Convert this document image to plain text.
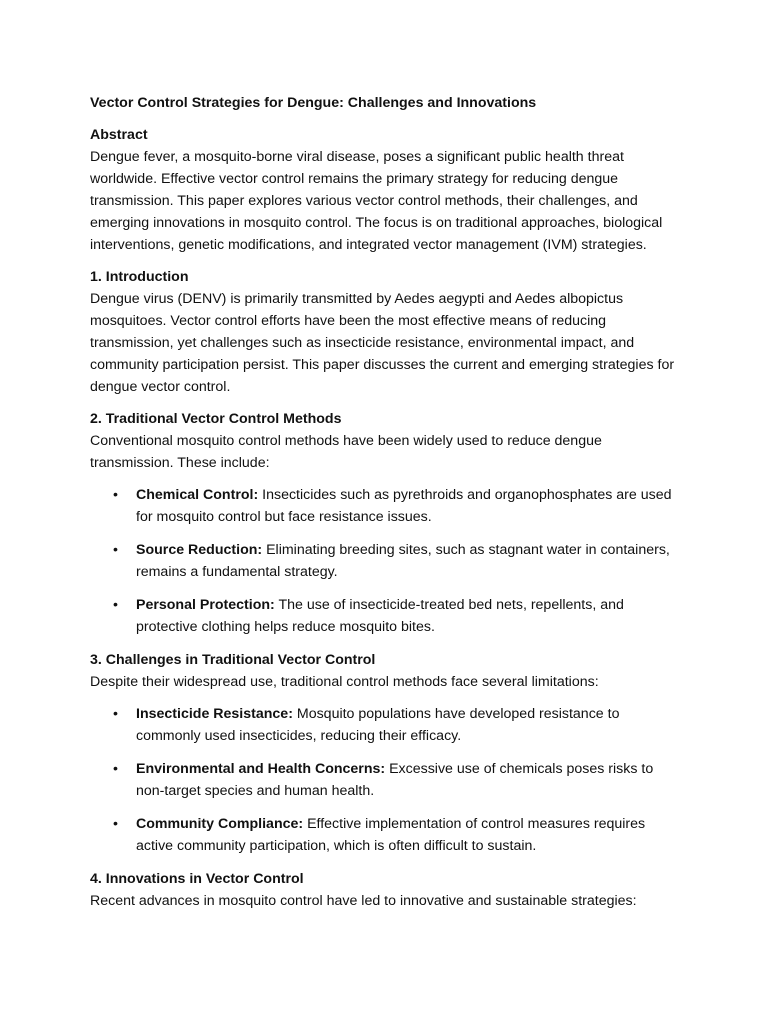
Vector Control Strategies for Dengue: Challenges and Innovations
Abstract
Dengue fever, a mosquito-borne viral disease, poses a significant public health threat worldwide. Effective vector control remains the primary strategy for reducing dengue transmission. This paper explores various vector control methods, their challenges, and emerging innovations in mosquito control. The focus is on traditional approaches, biological interventions, genetic modifications, and integrated vector management (IVM) strategies.
1. Introduction
Dengue virus (DENV) is primarily transmitted by Aedes aegypti and Aedes albopictus mosquitoes. Vector control efforts have been the most effective means of reducing transmission, yet challenges such as insecticide resistance, environmental impact, and community participation persist. This paper discusses the current and emerging strategies for dengue vector control.
2. Traditional Vector Control Methods
Conventional mosquito control methods have been widely used to reduce dengue transmission. These include:
• Chemical Control: Insecticides such as pyrethroids and organophosphates are used for mosquito control but face resistance issues.
• Source Reduction: Eliminating breeding sites, such as stagnant water in containers, remains a fundamental strategy.
• Personal Protection: The use of insecticide-treated bed nets, repellents, and protective clothing helps reduce mosquito bites.
3. Challenges in Traditional Vector Control
Despite their widespread use, traditional control methods face several limitations:
• Insecticide Resistance: Mosquito populations have developed resistance to commonly used insecticides, reducing their efficacy.
• Environmental and Health Concerns: Excessive use of chemicals poses risks to non-target species and human health.
• Community Compliance: Effective implementation of control measures requires active community participation, which is often difficult to sustain.
4. Innovations in Vector Control
Recent advances in mosquito control have led to innovative and sustainable strategies:
